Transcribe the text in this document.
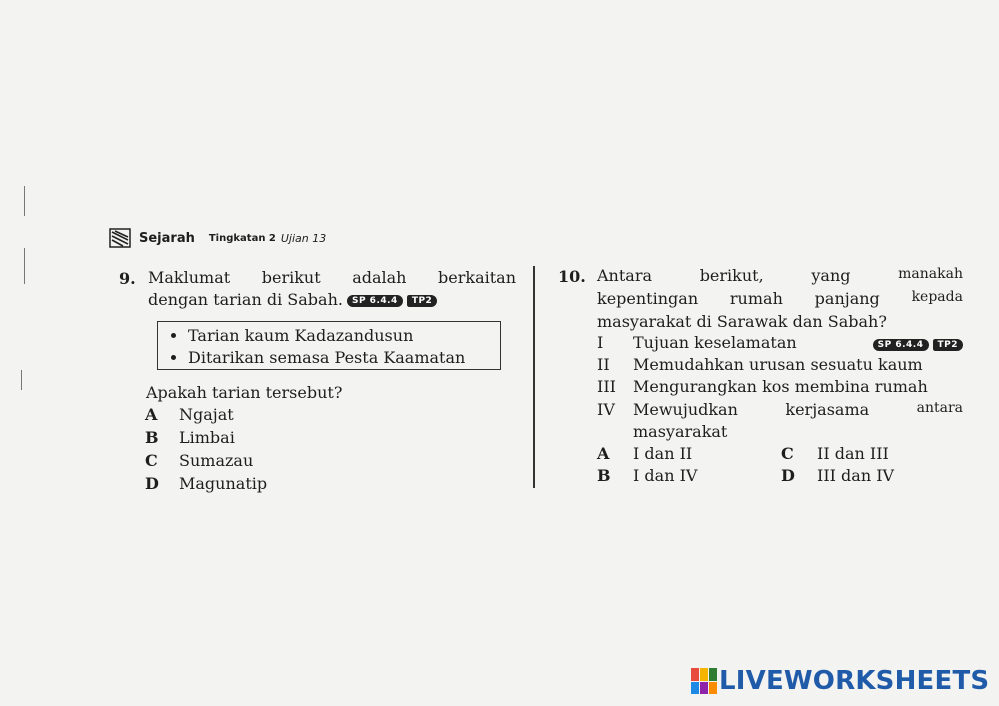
Sejarah Tingkatan 2 Ujian 13
9. Maklumat berikut adalah berkaitan
dengan tarian di Sabah. SP 6.4.4 TP2
• Tarian kaum Kadazandusun
• Ditarikan semasa Pesta Kaamatan
Apakah tarian tersebut?
A Ngajat
B Limbai
C Sumazau
D Magunatip
10. Antara	berikut,	yang	manakah
kepentingan rumah panjang kepada
masyarakat di Sarawak dan Sabah?
I Tujuan keselamatan	SP 6.4.4 TP2
II Memudahkan urusan sesuatu kaum
III Mengurangkan kos membina rumah
IV	Mewujudkan	kerjasama	antara
masyarakat
A I dan II	C II dan III
B I dan IV	D III dan IV
LIVEWORKSHEETS
